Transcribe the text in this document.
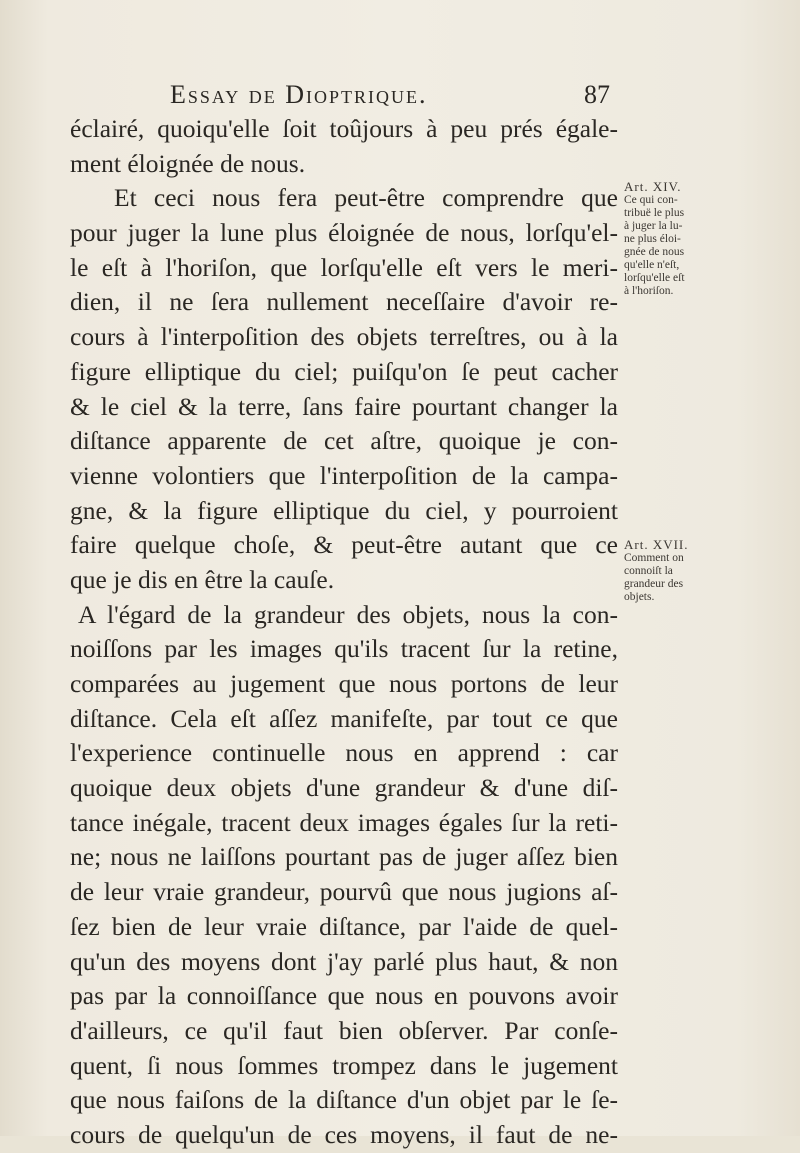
Essay de Dioptrique.	87
éclairé, quoiqu'elle ſoit toûjours à peu prés égale-
ment éloignée de nous.
Et ceci nous fera peut-être comprendre que
pour juger la lune plus éloignée de nous, lorſqu'el-
le eſt à l'horiſon, que lorſqu'elle eſt vers le meri-
dien, il ne ſera nullement neceſſaire d'avoir re-
cours à l'interpoſition des objets terreſtres, ou à la
figure elliptique du ciel; puiſqu'on ſe peut cacher
& le ciel & la terre, ſans faire pourtant changer la
diſtance apparente de cet aſtre, quoique je con-
vienne volontiers que l'interpoſition de la campa-
gne, & la figure elliptique du ciel, y pourroient
faire quelque choſe, & peut-être autant que ce
que je dis en être la cauſe.
A l'égard de la grandeur des objets, nous la con-
noiſſons par les images qu'ils tracent ſur la retine,
comparées au jugement que nous portons de leur
diſtance. Cela eſt aſſez manifeſte, par tout ce que
l'experience continuelle nous en apprend : car
quoique deux objets d'une grandeur & d'une diſ-
tance inégale, tracent deux images égales ſur la reti-
ne; nous ne laiſſons pourtant pas de juger aſſez bien
de leur vraie grandeur, pourvû que nous jugions aſ-
ſez bien de leur vraie diſtance, par l'aide de quel-
qu'un des moyens dont j'ay parlé plus haut, & non
pas par la connoiſſance que nous en pouvons avoir
d'ailleurs, ce qu'il faut bien obſerver. Par conſe-
quent, ſi nous ſommes trompez dans le jugement
que nous faiſons de la diſtance d'un objet par le ſe-
cours de quelqu'un de ces moyens, il faut de ne-
Art. XIV.
Ce qui con-
tribuë le plus
à juger la lu-
ne plus éloi-
gnée de nous
qu'elle n'eſt,
lorſqu'elle eſt
à l'horiſon.
Art. XVII.
Comment on
connoiſt la
grandeur des
objets.
